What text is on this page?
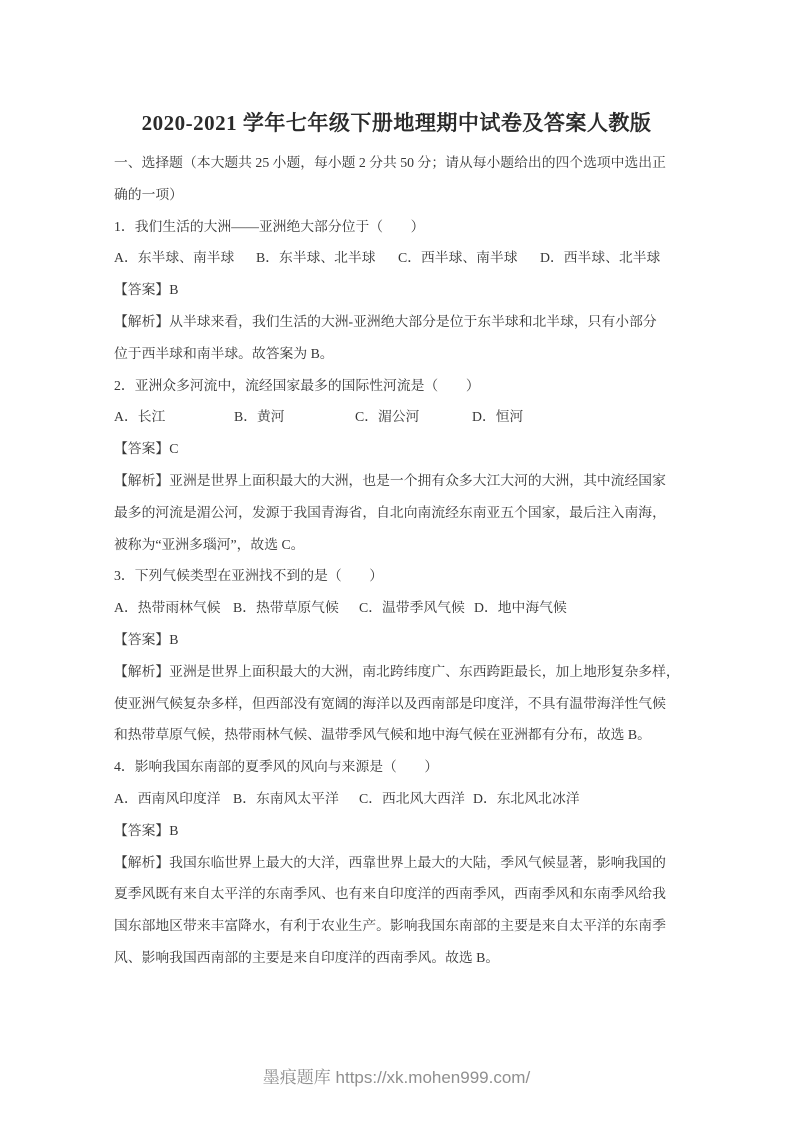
2020-2021 学年七年级下册地理期中试卷及答案人教版

一、选择题（本大题共 25 小题，每小题 2 分共 50 分；请从每小题给出的四个选项中选出正

确的一项）

1．我们生活的大洲——亚洲绝大部分位于（　　）

A．东半球、南半球	B．东半球、北半球	C．西半球、南半球	D．西半球、北半球

【答案】B

【解析】从半球来看，我们生活的大洲-亚洲绝大部分是位于东半球和北半球，只有小部分

位于西半球和南半球。故答案为 B。

2．亚洲众多河流中，流经国家最多的国际性河流是（　　）

A．长江	B．黄河	C．湄公河	D．恒河

【答案】C

【解析】亚洲是世界上面积最大的大洲，也是一个拥有众多大江大河的大洲，其中流经国家

最多的河流是湄公河，发源于我国青海省，自北向南流经东南亚五个国家，最后注入南海，

被称为“亚洲多瑙河”，故选 C。

3．下列气候类型在亚洲找不到的是（　　）

A．热带雨林气候 B．热带草原气候	C．温带季风气候 D．地中海气候

【答案】B

【解析】亚洲是世界上面积最大的大洲，南北跨纬度广、东西跨距最长，加上地形复杂多样，

使亚洲气候复杂多样，但西部没有宽阔的海洋以及西南部是印度洋，不具有温带海洋性气候

和热带草原气候，热带雨林气候、温带季风气候和地中海气候在亚洲都有分布，故选 B。

4．影响我国东南部的夏季风的风向与来源是（　　）

A．西南风印度洋 B．东南风太平洋	C．西北风大西洋 D．东北风北冰洋

【答案】B

【解析】我国东临世界上最大的大洋，西靠世界上最大的大陆，季风气候显著，影响我国的

夏季风既有来自太平洋的东南季风、也有来自印度洋的西南季风，西南季风和东南季风给我

国东部地区带来丰富降水，有利于农业生产。影响我国东南部的主要是来自太平洋的东南季

风、影响我国西南部的主要是来自印度洋的西南季风。故选 B。

墨痕题库 https://xk.mohen999.com/
